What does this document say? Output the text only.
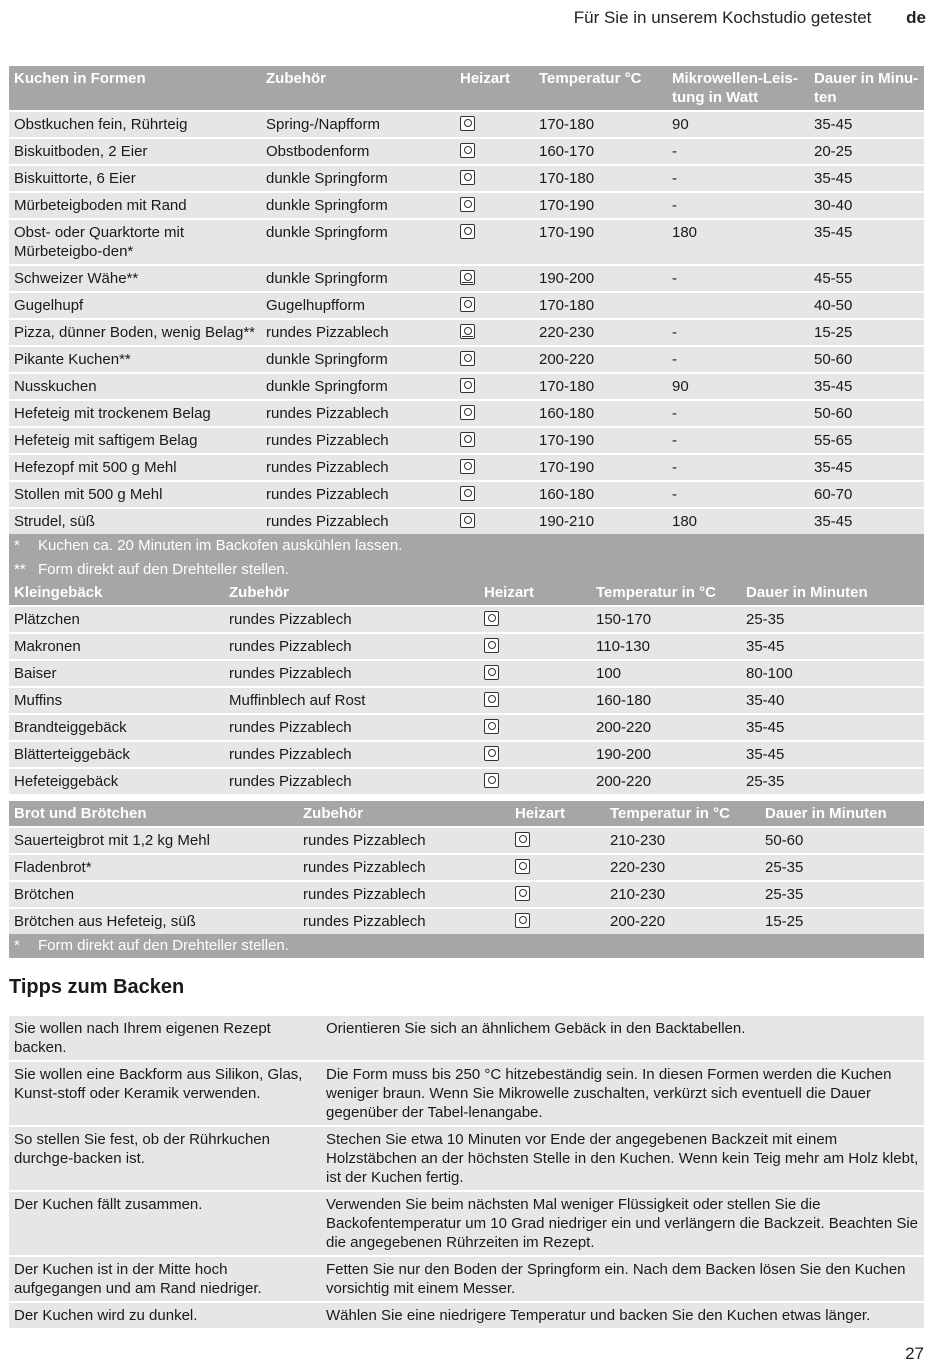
Für Sie in unserem Kochstudio getestet de
Kuchen in Formen	Zubehör	Heizart	Temperatur °C	Mikrowellen-Leis-tung in Watt	Dauer in Minu-ten
Obstkuchen fein, Rührteig	Spring-/Napfform		170-180	90	35-45
Biskuitboden, 2 Eier	Obstbodenform		160-170	-	20-25
Biskuittorte, 6 Eier	dunkle Springform		170-180	-	35-45
Mürbeteigboden mit Rand	dunkle Springform		170-190	-	30-40
Obst- oder Quarktorte mit Mürbeteigbo-den*	dunkle Springform		170-190	180	35-45
Schweizer Wähe**	dunkle Springform		190-200	-	45-55
Gugelhupf	Gugelhupfform		170-180		40-50
Pizza, dünner Boden, wenig Belag**	rundes Pizzablech		220-230	-	15-25
Pikante Kuchen**	dunkle Springform		200-220	-	50-60
Nusskuchen	dunkle Springform		170-180	90	35-45
Hefeteig mit trockenem Belag	rundes Pizzablech		160-180	-	50-60
Hefeteig mit saftigem Belag	rundes Pizzablech		170-190	-	55-65
Hefezopf mit 500 g Mehl	rundes Pizzablech		170-190	-	35-45
Stollen mit 500 g Mehl	rundes Pizzablech		160-180	-	60-70
Strudel, süß	rundes Pizzablech		190-210	180	35-45
* Kuchen ca. 20 Minuten im Backofen auskühlen lassen.					
** Form direkt auf den Drehteller stellen.					
Kleingebäck	Zubehör	Heizart	Temperatur in °C	Dauer in Minuten
Plätzchen	rundes Pizzablech		150-170	25-35
Makronen	rundes Pizzablech		110-130	35-45
Baiser	rundes Pizzablech		100	80-100
Muffins	Muffinblech auf Rost		160-180	35-40
Brandteiggebäck	rundes Pizzablech		200-220	35-45
Blätterteiggebäck	rundes Pizzablech		190-200	35-45
Hefeteiggebäck	rundes Pizzablech		200-220	25-35
Brot und Brötchen	Zubehör	Heizart	Temperatur in °C	Dauer in Minuten
Sauerteigbrot mit 1,2 kg Mehl	rundes Pizzablech		210-230	50-60
Fladenbrot*	rundes Pizzablech		220-230	25-35
Brötchen	rundes Pizzablech		210-230	25-35
Brötchen aus Hefeteig, süß	rundes Pizzablech		200-220	15-25
* Form direkt auf den Drehteller stellen.				
Tipps zum Backen
Sie wollen nach Ihrem eigenen Rezept backen.	Orientieren Sie sich an ähnlichem Gebäck in den Backtabellen.
Sie wollen eine Backform aus Silikon, Glas, Kunst-stoff oder Keramik verwenden.	Die Form muss bis 250 °C hitzebeständig sein. In diesen Formen werden die Kuchen weniger braun. Wenn Sie Mikrowelle zuschalten, verkürzt sich eventuell die Dauer gegenüber der Tabel-lenangabe.
So stellen Sie fest, ob der Rührkuchen durchge-backen ist.	Stechen Sie etwa 10 Minuten vor Ende der angegebenen Backzeit mit einem Holzstäbchen an der höchsten Stelle in den Kuchen. Wenn kein Teig mehr am Holz klebt, ist der Kuchen fertig.
Der Kuchen fällt zusammen.	Verwenden Sie beim nächsten Mal weniger Flüssigkeit oder stellen Sie die Backofentemperatur um 10 Grad niedriger ein und verlängern die Backzeit. Beachten Sie die angegebenen Rührzeiten im Rezept.
Der Kuchen ist in der Mitte hoch aufgegangen und am Rand niedriger.	Fetten Sie nur den Boden der Springform ein. Nach dem Backen lösen Sie den Kuchen vorsichtig mit einem Messer.
Der Kuchen wird zu dunkel.	Wählen Sie eine niedrigere Temperatur und backen Sie den Kuchen etwas länger.
27
